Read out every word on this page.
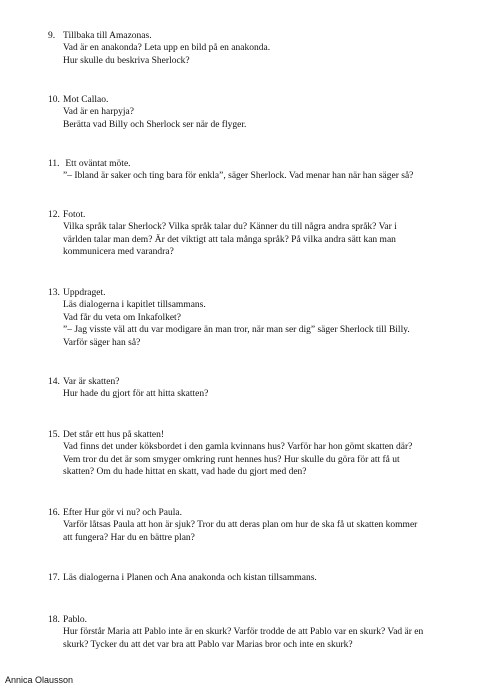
9. Tillbaka till Amazonas.
Vad är en anakonda? Leta upp en bild på en anakonda.
Hur skulle du beskriva Sherlock?
10. Mot Callao.
Vad är en harpyja?
Berätta vad Billy och Sherlock ser när de flyger.
11. Ett oväntat möte.
”– Ibland är saker och ting bara för enkla”, säger Sherlock. Vad menar han när han säger så?
12. Fotot.
Vilka språk talar Sherlock? Vilka språk talar du? Känner du till några andra språk? Var i
världen talar man dem? Är det viktigt att tala många språk? På vilka andra sätt kan man
kommunicera med varandra?
13. Uppdraget.
Läs dialogerna i kapitlet tillsammans.
Vad får du veta om Inkafolket?
”– Jag visste väl att du var modigare än man tror, när man ser dig” säger Sherlock till Billy.
Varför säger han så?
14. Var är skatten?
Hur hade du gjort för att hitta skatten?
15. Det står ett hus på skatten!
Vad finns det under köksbordet i den gamla kvinnans hus? Varför har hon gömt skatten där?
Vem tror du det är som smyger omkring runt hennes hus? Hur skulle du göra för att få ut
skatten? Om du hade hittat en skatt, vad hade du gjort med den?
16. Efter Hur gör vi nu? och Paula.
Varför låtsas Paula att hon är sjuk? Tror du att deras plan om hur de ska få ut skatten kommer
att fungera? Har du en bättre plan?
17. Läs dialogerna i Planen och Ana anakonda och kistan tillsammans.
18. Pablo.
Hur förstår Maria att Pablo inte är en skurk? Varför trodde de att Pablo var en skurk? Vad är en
skurk? Tycker du att det var bra att Pablo var Marias bror och inte en skurk?
Annica Olausson
